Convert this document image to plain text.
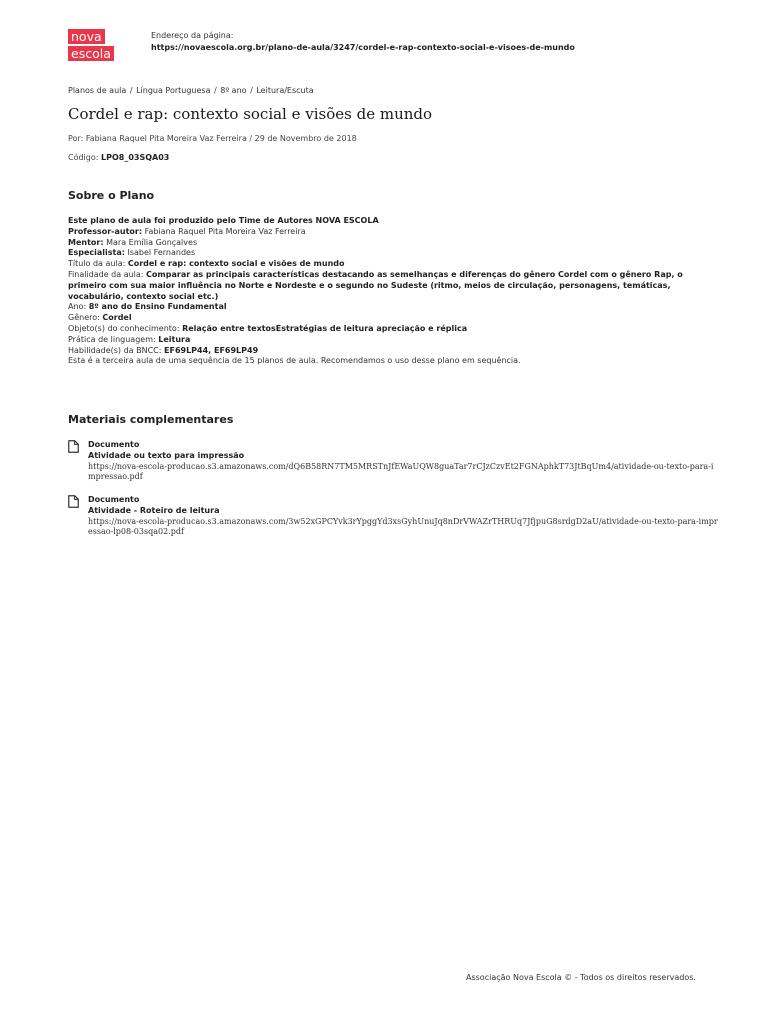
nova
escola
Endereço da página:
https://novaescola.org.br/plano-de-aula/3247/cordel-e-rap-contexto-social-e-visoes-de-mundo
Planos de aula / Língua Portuguesa / 8º ano / Leitura/Escuta
Cordel e rap: contexto social e visões de mundo
Por: Fabiana Raquel Pita Moreira Vaz Ferreira / 29 de Novembro de 2018
Código: LPO8_03SQA03
Sobre o Plano
Este plano de aula foi produzido pelo Time de Autores NOVA ESCOLA
Professor-autor: Fabiana Raquel Pita Moreira Vaz Ferreira
Mentor: Mara Emília Gonçalves
Especialista: Isabel Fernandes
Título da aula: Cordel e rap: contexto social e visões de mundo
Finalidade da aula: Comparar as principais características destacando as semelhanças e diferenças do gênero Cordel com o gênero Rap, o primeiro com sua maior influência no Norte e Nordeste e o segundo no Sudeste (ritmo, meios de circulação, personagens, temáticas, vocabulário, contexto social etc.)
Ano: 8º ano do Ensino Fundamental
Gênero: Cordel
Objeto(s) do conhecimento: Relação entre textosEstratégias de leitura apreciação e réplica
Prática de linguagem: Leitura
Habilidade(s) da BNCC: EF69LP44, EF69LP49
Esta é a terceira aula de uma sequência de 15 planos de aula. Recomendamos o uso desse plano em sequência.
Materiais complementares
Documento
Atividade ou texto para impressão
https://nova-escola-producao.s3.amazonaws.com/dQ6B58RN7TM5MRSTnJfEWaUQW8guaTar7rCJzCzvEt2FGNAphkT73JtBqUm4/atividade-ou-texto-para-impressao.pdf
Documento
Atividade - Roteiro de leitura
https://nova-escola-producao.s3.amazonaws.com/3w52xGPCYvk3rYpggYd3xsGyhUnuJq8nDrVWAZrTHRUq7JfjpuG8srdgD2aU/atividade-ou-texto-para-impressao-lp08-03sqa02.pdf
Associação Nova Escola © - Todos os direitos reservados.
